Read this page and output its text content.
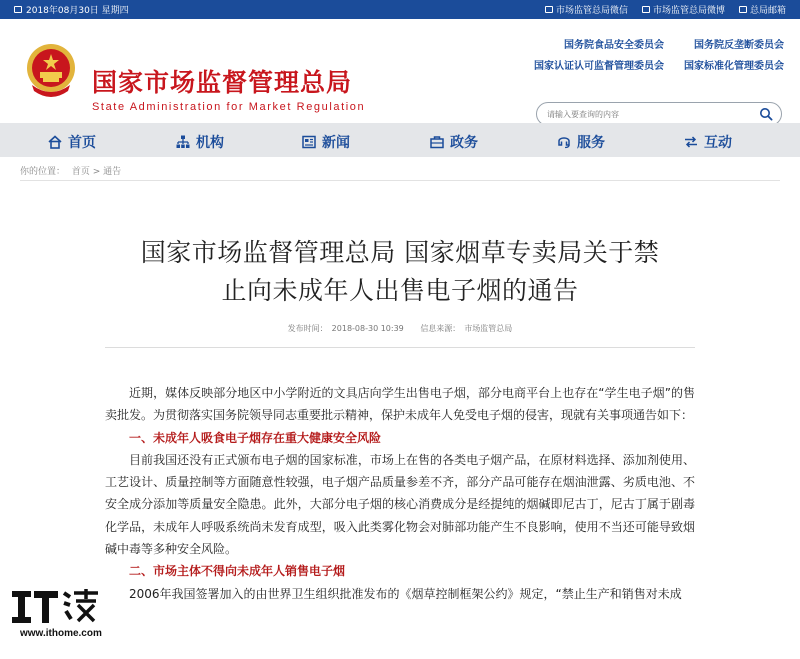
2018年08月30日 星期四	市场监管总局微信	市场监管总局微博	总局邮箱
国家市场监督管理总局
State Administration for Market Regulation
国务院食品安全委员会	国务院反垄断委员会
国家认证认可监督管理委员会	国家标准化管理委员会
请输入要查询的内容
首页	机构	新闻	政务	服务	互动
你的位置： 首页 > 通告
国家市场监督管理总局 国家烟草专卖局关于禁
止向未成年人出售电子烟的通告
发布时间： 2018-08-30 10:39 信息来源： 市场监管总局

近期，媒体反映部分地区中小学附近的文具店向学生出售电子烟，部分电商平台上也存在“学生电子烟”的售卖批发。为贯彻落实国务院领导同志重要批示精神，保护未成年人免受电子烟的侵害，现就有关事项通告如下：

一、未成年人吸食电子烟存在重大健康安全风险

目前我国还没有正式颁布电子烟的国家标准，市场上在售的各类电子烟产品，在原材料选择、添加剂使用、工艺设计、质量控制等方面随意性较强，电子烟产品质量参差不齐，部分产品可能存在烟油泄露、劣质电池、不安全成分添加等质量安全隐患。此外，大部分电子烟的核心消费成分是经提纯的烟碱即尼古丁，尼古丁属于剧毒化学品，未成年人呼吸系统尚未发育成型，吸入此类雾化物会对肺部功能产生不良影响，使用不当还可能导致烟碱中毒等多种安全风险。

二、市场主体不得向未成年人销售电子烟

2006年我国签署加入的由世界卫生组织批准发布的《烟草控制框架公约》规定，“禁止生产和销售对未成

www.ithome.com
